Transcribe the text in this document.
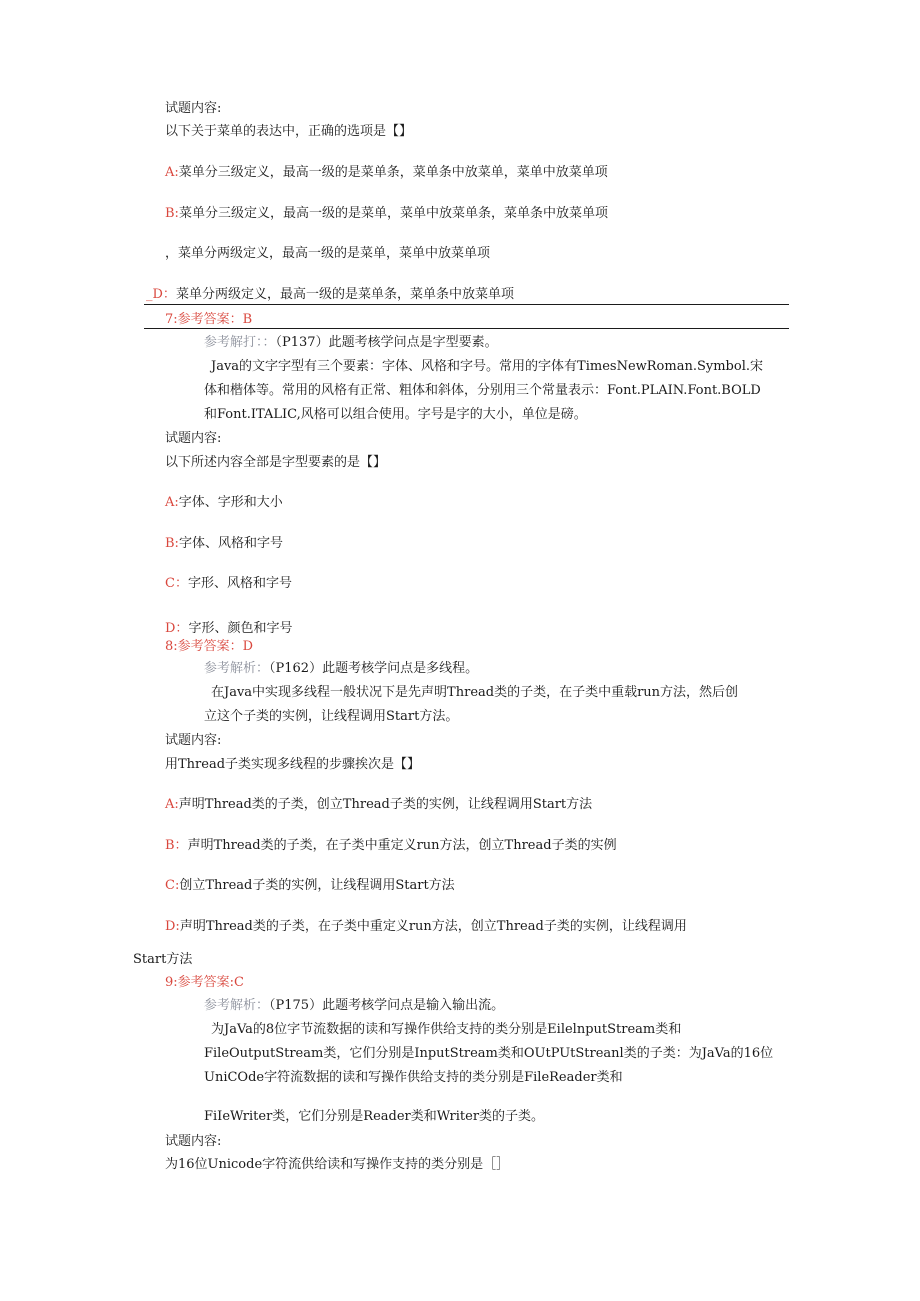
试题内容:
以下关于菜单的表达中，正确的选项是【】
A:菜单分三级定义，最高一级的是菜单条，菜单条中放菜单，菜单中放菜单项
B:菜单分三级定义，最高一级的是菜单，菜单中放菜单条，菜单条中放菜单项
，菜单分两级定义，最高一级的是菜单，菜单中放菜单项
_D：菜单分两级定义，最高一级的是菜单条，菜单条中放菜单项
7:参考答案：B
参考解打：：（P137）此题考核学问点是字型要素。
Java的文字字型有三个要素：字体、风格和字号。常用的字体有TimesNewRoman.Symbol.宋
体和楷体等。常用的风格有正常、粗体和斜体，分别用三个常量表示：Font.PLAIN.Font.BOLD
和Font.ITALIC,风格可以组合使用。字号是字的大小，单位是磅。
试题内容:
以下所述内容全部是字型要素的是【】
A:字体、字形和大小
B:字体、风格和字号
C：字形、风格和字号
D：字形、颜色和字号
8:参考答案：D
参考解析：（P162）此题考核学问点是多线程。
在Java中实现多线程一般状况下是先声明Thread类的子类，在子类中重载run方法，然后创
立这个子类的实例，让线程调用Start方法。
试题内容:
用Thread子类实现多线程的步骤挨次是【】
A:声明Thread类的子类，创立Thread子类的实例，让线程调用Start方法
B：声明Thread类的子类，在子类中重定义run方法，创立Thread子类的实例
C:创立Thread子类的实例，让线程调用Start方法
D:声明Thread类的子类，在子类中重定义run方法，创立Thread子类的实例，让线程调用
Start方法
9:参考答案:C
参考解析：（P175）此题考核学问点是输入输出流。
为JaVa的8位字节流数据的读和写操作供给支持的类分别是EilelnputStream类和
FileOutputStream类，它们分别是InputStream类和OUtPUtStreanl类的子类：为JaVa的16位
UniCOde字符流数据的读和写操作供给支持的类分别是FileReader类和
FiIeWriter类，它们分别是Reader类和Writer类的子类。
试题内容:
为16位Unicode字符流供给读和写操作支持的类分别是［］
